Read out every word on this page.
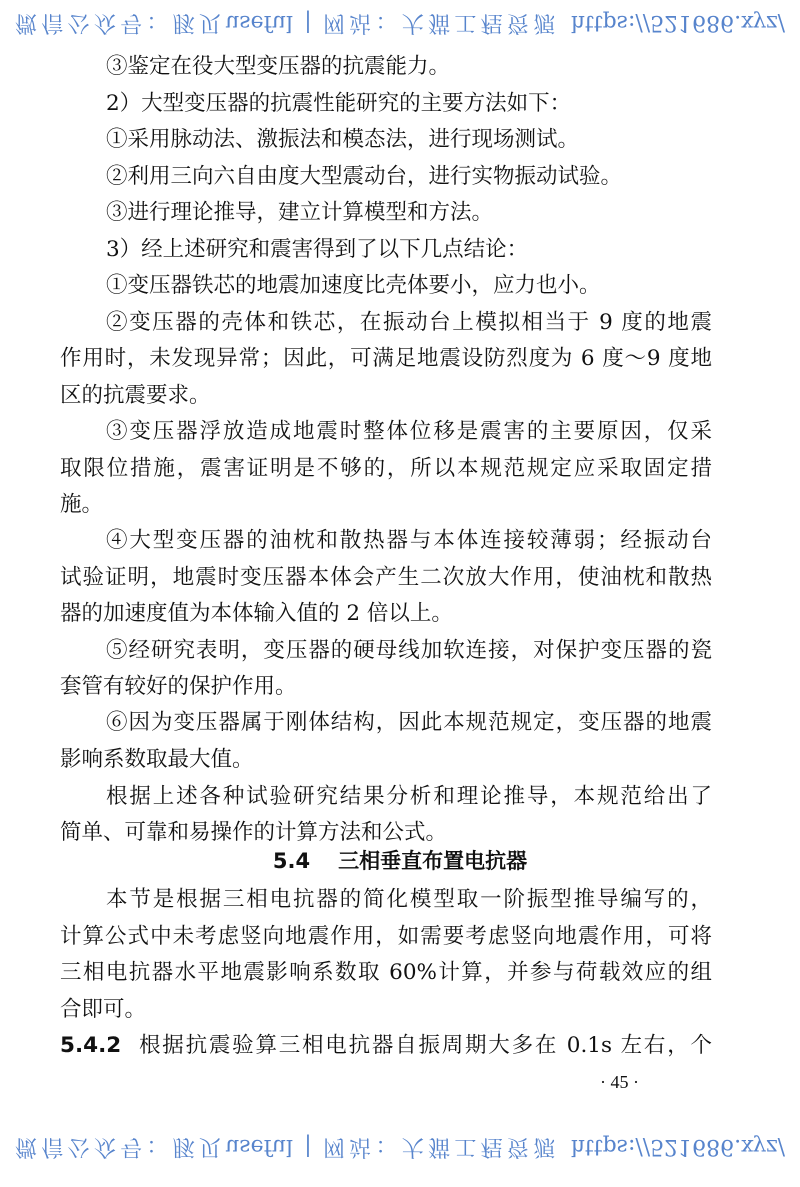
微信公众号：豚贝useful | 网站：大猫工程资源 https://521686.xyz/
③鉴定在役大型变压器的抗震能力。
2）大型变压器的抗震性能研究的主要方法如下：
①采用脉动法、激振法和模态法，进行现场测试。
②利用三向六自由度大型震动台，进行实物振动试验。
③进行理论推导，建立计算模型和方法。
3）经上述研究和震害得到了以下几点结论：
①变压器铁芯的地震加速度比壳体要小，应力也小。
②变压器的壳体和铁芯，在振动台上模拟相当于 9 度的地震
作用时，未发现异常；因此，可满足地震设防烈度为 6 度～9 度地
区的抗震要求。
③变压器浮放造成地震时整体位移是震害的主要原因，仅采
取限位措施，震害证明是不够的，所以本规范规定应采取固定措
施。
④大型变压器的油枕和散热器与本体连接较薄弱；经振动台
试验证明，地震时变压器本体会产生二次放大作用，使油枕和散热
器的加速度值为本体输入值的 2 倍以上。
⑤经研究表明，变压器的硬母线加软连接，对保护变压器的瓷
套管有较好的保护作用。
⑥因为变压器属于刚体结构，因此本规范规定，变压器的地震
影响系数取最大值。
根据上述各种试验研究结果分析和理论推导，本规范给出了
简单、可靠和易操作的计算方法和公式。
本节是根据三相电抗器的简化模型取一阶振型推导编写的，
计算公式中未考虑竖向地震作用，如需要考虑竖向地震作用，可将
三相电抗器水平地震影响系数取 60%计算，并参与荷载效应的组
合即可。
5.4 三相垂直布置电抗器
5.4.2 根据抗震验算三相电抗器自振周期大多在 0.1s 左右，个
· 45 ·
微信公众号：豚贝useful | 网站：大猫工程资源 https://521686.xyz/
